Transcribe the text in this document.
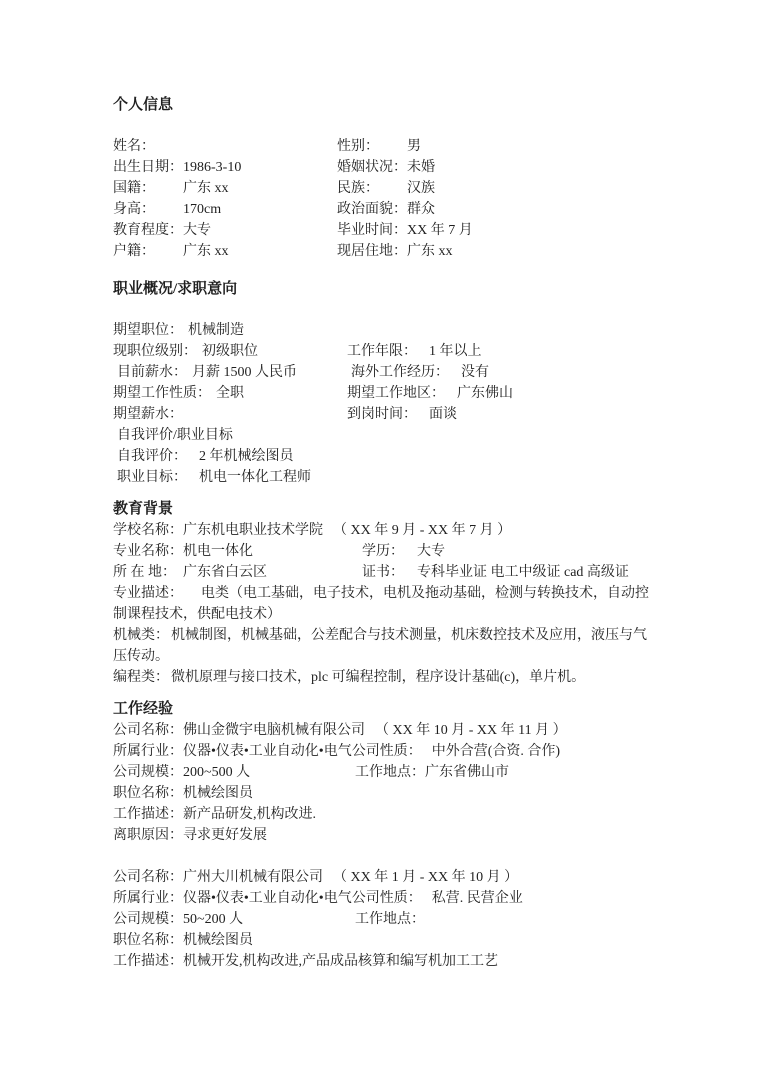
个人信息

姓名：	性别： 男

出生日期：1986-3-10	婚姻状况：未婚

国籍： 广东 xx	民族： 汉族

身高： 170cm	政治面貌：群众

教育程度：大专	毕业时间：XX 年 7 月

户籍： 广东 xx	现居住地：广东 xx

职业概况/求职意向

期望职位： 机械制造

现职位级别： 初级职位	工作年限： 1 年以上

目前薪水： 月薪 1500 人民币	海外工作经历： 没有

期望工作性质： 全职	期望工作地区： 广东佛山

期望薪水：	到岗时间： 面谈

自我评价/职业目标

自我评价： 2 年机械绘图员

职业目标： 机电一体化工程师

教育背景

学校名称：广东机电职业技术学院 （ XX 年 9 月 - XX 年 7 月 ）

专业名称：机电一体化	学历： 大专

所 在 地： 广东省白云区	证书： 专科毕业证 电工中级证 cad 高级证

专业描述： 电类（电工基础，电子技术，电机及拖动基础，检测与转换技术，自动控制课程技术，供配电技术）

机械类： 机械制图，机械基础，公差配合与技术测量，机床数控技术及应用，液压与气压传动。

编程类： 微机原理与接口技术，plc 可编程控制，程序设计基础(c)，单片机。

工作经验

公司名称：佛山金微宇电脑机械有限公司 （ XX 年 10 月 - XX 年 11 月 ）

所属行业：仪器•仪表•工业自动化•电气公司性质： 中外合营(合资. 合作)

公司规模：200~500 人	工作地点：广东省佛山市

职位名称：机械绘图员

工作描述：新产品研发,机构改进.

离职原因：寻求更好发展

公司名称：广州大川机械有限公司 （ XX 年 1 月 - XX 年 10 月 ）

所属行业：仪器•仪表•工业自动化•电气公司性质： 私营. 民营企业

公司规模：50~200 人	工作地点：

职位名称：机械绘图员

工作描述：机械开发,机构改进,产品成品核算和编写机加工工艺
